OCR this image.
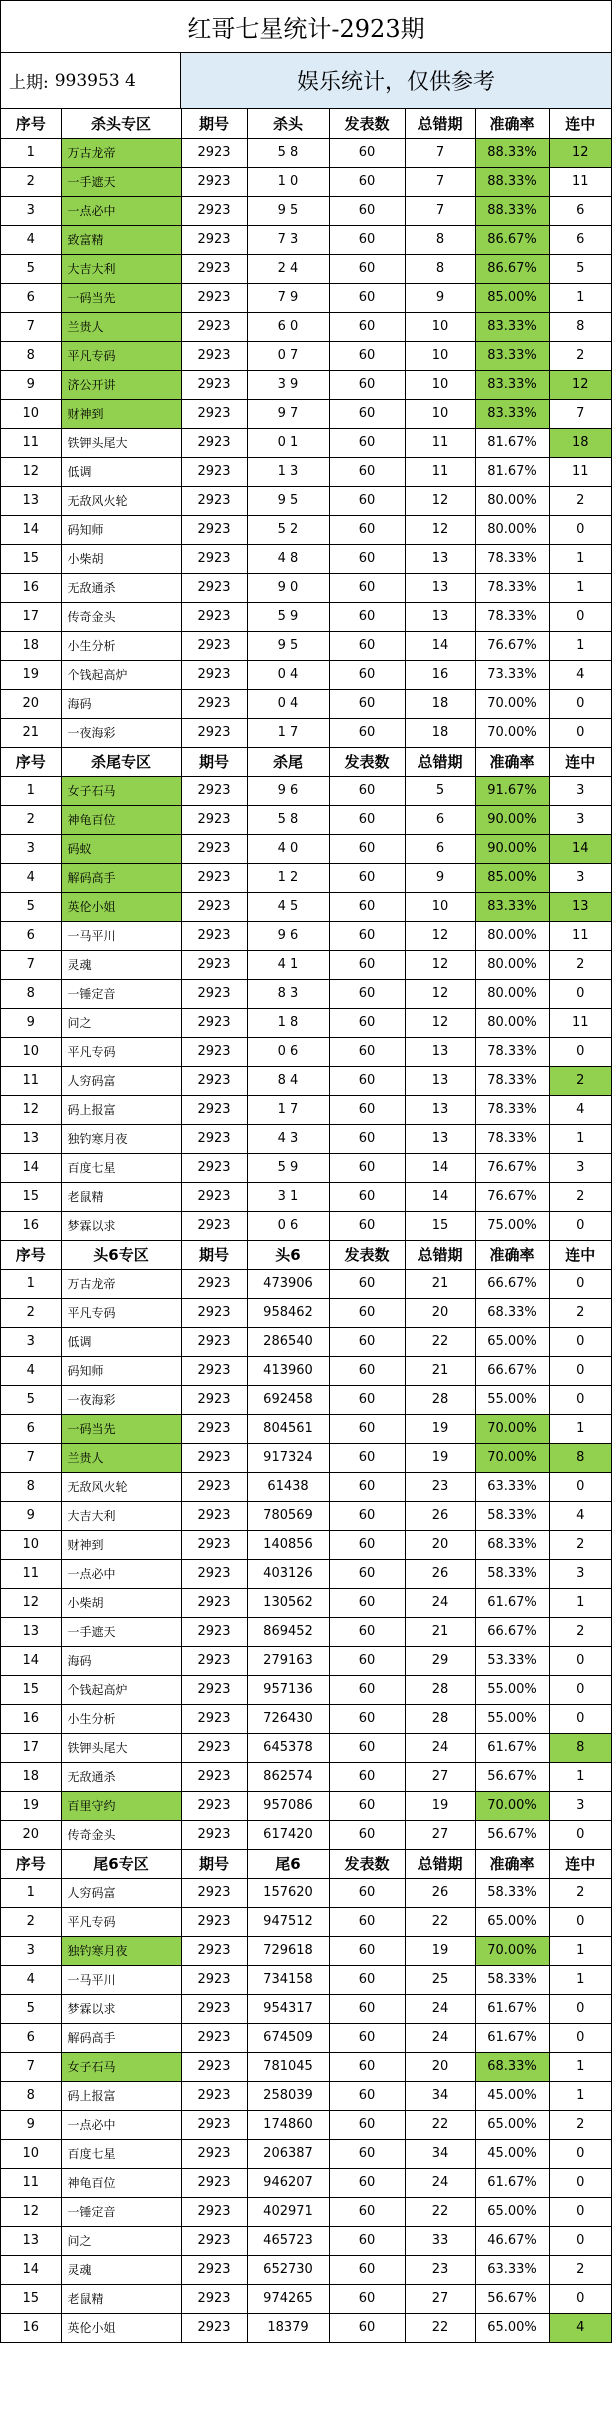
红哥七星统计-2923期
上期: 993953 4	娱乐统计，仅供参考
序号	杀头专区	期号	杀头	发表数	总错期	准确率	连中
1	万古龙帝	2923	5 8	60	7	88.33%	12
2	一手遮天	2923	1 0	60	7	88.33%	11
3	一点必中	2923	9 5	60	7	88.33%	6
4	致富精	2923	7 3	60	8	86.67%	6
5	大吉大利	2923	2 4	60	8	86.67%	5
6	一码当先	2923	7 9	60	9	85.00%	1
7	兰贵人	2923	6 0	60	10	83.33%	8
8	平凡专码	2923	0 7	60	10	83.33%	2
9	济公开讲	2923	3 9	60	10	83.33%	12
10	财神到	2923	9 7	60	10	83.33%	7
11	铁钾头尾大	2923	0 1	60	11	81.67%	18
12	低调	2923	1 3	60	11	81.67%	11
13	无敌风火轮	2923	9 5	60	12	80.00%	2
14	码知师	2923	5 2	60	12	80.00%	0
15	小柴胡	2923	4 8	60	13	78.33%	1
16	无敌通杀	2923	9 0	60	13	78.33%	1
17	传奇金头	2923	5 9	60	13	78.33%	0
18	小生分析	2923	9 5	60	14	76.67%	1
19	个钱起高炉	2923	0 4	60	16	73.33%	4
20	海码	2923	0 4	60	18	70.00%	0
21	一夜海彩	2923	1 7	60	18	70.00%	0
序号	杀尾专区	期号	杀尾	发表数	总错期	准确率	连中
1	女子石马	2923	9 6	60	5	91.67%	3
2	神龟百位	2923	5 8	60	6	90.00%	3
3	码蚁	2923	4 0	60	6	90.00%	14
4	解码高手	2923	1 2	60	9	85.00%	3
5	英伦小姐	2923	4 5	60	10	83.33%	13
6	一马平川	2923	9 6	60	12	80.00%	11
7	灵魂	2923	4 1	60	12	80.00%	2
8	一锤定音	2923	8 3	60	12	80.00%	0
9	问之	2923	1 8	60	12	80.00%	11
10	平凡专码	2923	0 6	60	13	78.33%	0
11	人穷码富	2923	8 4	60	13	78.33%	2
12	码上报富	2923	1 7	60	13	78.33%	4
13	独钓寒月夜	2923	4 3	60	13	78.33%	1
14	百度七星	2923	5 9	60	14	76.67%	3
15	老鼠精	2923	3 1	60	14	76.67%	2
16	梦霖以求	2923	0 6	60	15	75.00%	0
序号	头6专区	期号	头6	发表数	总错期	准确率	连中
1	万古龙帝	2923	473906	60	21	66.67%	0
2	平凡专码	2923	958462	60	20	68.33%	2
3	低调	2923	286540	60	22	65.00%	0
4	码知师	2923	413960	60	21	66.67%	0
5	一夜海彩	2923	692458	60	28	55.00%	0
6	一码当先	2923	804561	60	19	70.00%	1
7	兰贵人	2923	917324	60	19	70.00%	8
8	无敌风火轮	2923	61438	60	23	63.33%	0
9	大吉大利	2923	780569	60	26	58.33%	4
10	财神到	2923	140856	60	20	68.33%	2
11	一点必中	2923	403126	60	26	58.33%	3
12	小柴胡	2923	130562	60	24	61.67%	1
13	一手遮天	2923	869452	60	21	66.67%	2
14	海码	2923	279163	60	29	53.33%	0
15	个钱起高炉	2923	957136	60	28	55.00%	0
16	小生分析	2923	726430	60	28	55.00%	0
17	铁钾头尾大	2923	645378	60	24	61.67%	8
18	无敌通杀	2923	862574	60	27	56.67%	1
19	百里守约	2923	957086	60	19	70.00%	3
20	传奇金头	2923	617420	60	27	56.67%	0
序号	尾6专区	期号	尾6	发表数	总错期	准确率	连中
1	人穷码富	2923	157620	60	26	58.33%	2
2	平凡专码	2923	947512	60	22	65.00%	0
3	独钓寒月夜	2923	729618	60	19	70.00%	1
4	一马平川	2923	734158	60	25	58.33%	1
5	梦霖以求	2923	954317	60	24	61.67%	0
6	解码高手	2923	674509	60	24	61.67%	0
7	女子石马	2923	781045	60	20	68.33%	1
8	码上报富	2923	258039	60	34	45.00%	1
9	一点必中	2923	174860	60	22	65.00%	2
10	百度七星	2923	206387	60	34	45.00%	0
11	神龟百位	2923	946207	60	24	61.67%	0
12	一锤定音	2923	402971	60	22	65.00%	0
13	问之	2923	465723	60	33	46.67%	0
14	灵魂	2923	652730	60	23	63.33%	2
15	老鼠精	2923	974265	60	27	56.67%	0
16	英伦小姐	2923	18379	60	22	65.00%	4
